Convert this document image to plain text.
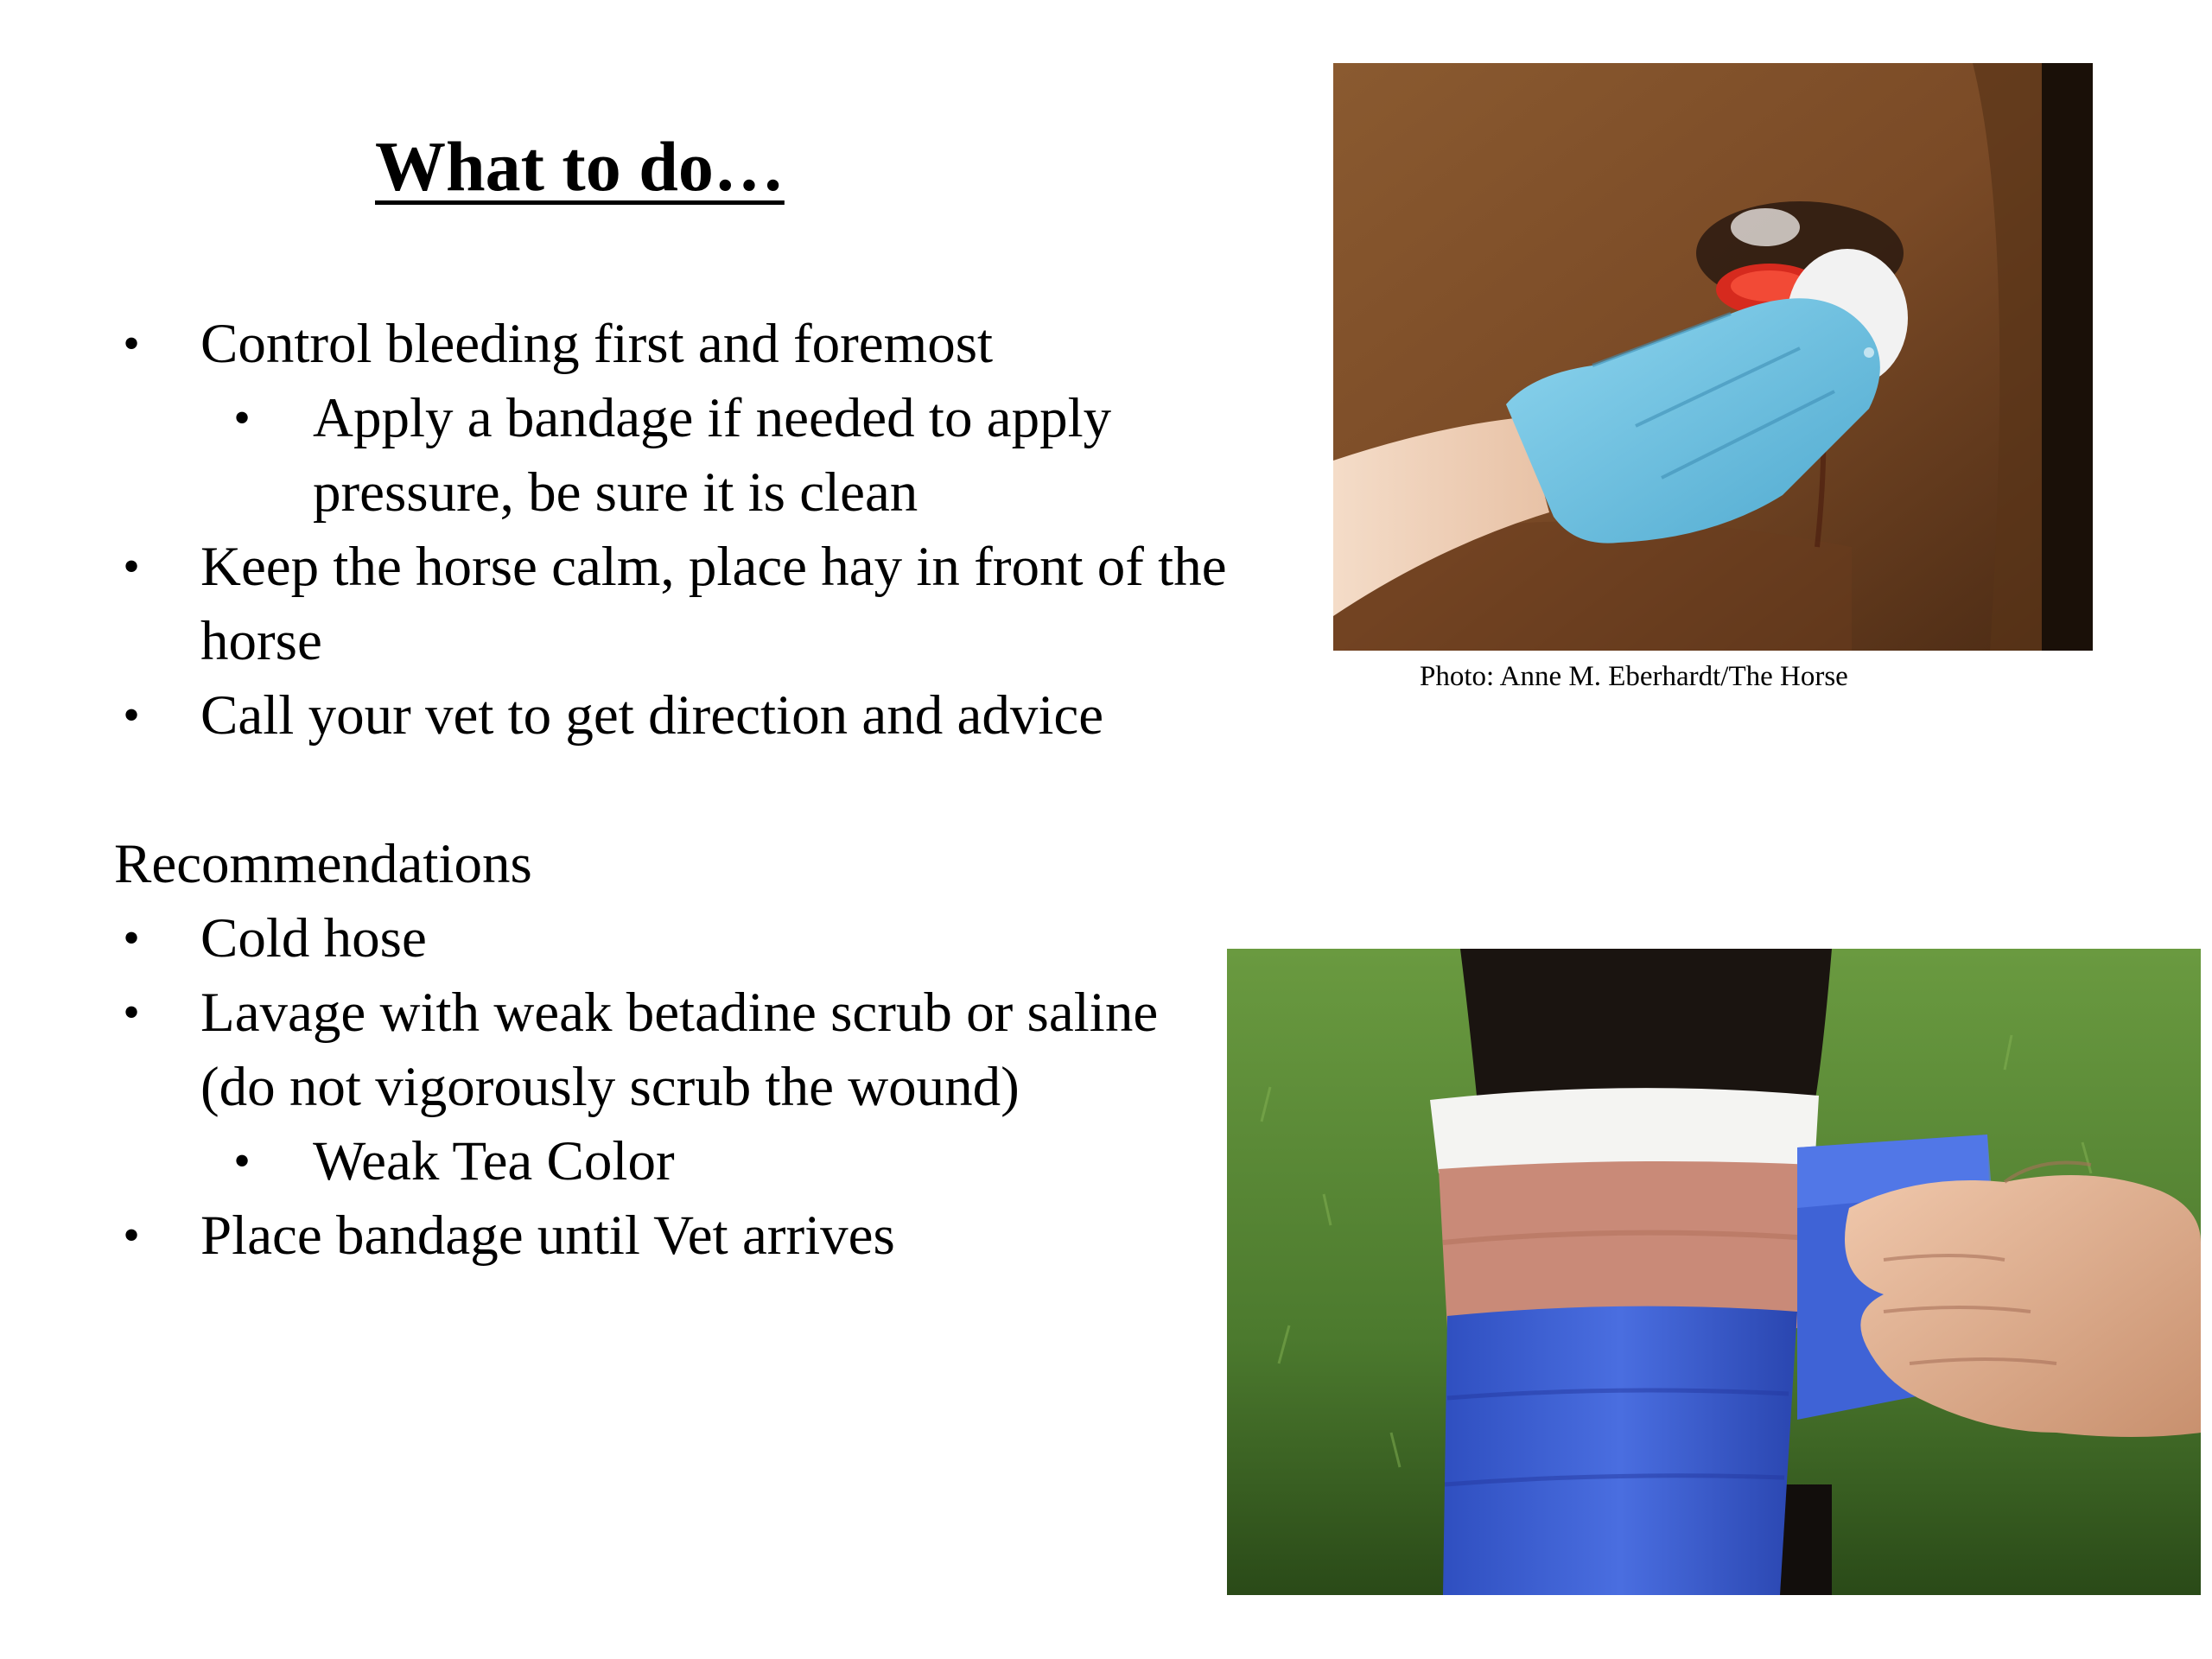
What to do…
• Control bleeding first and foremost
• Apply a bandage if needed to apply pressure, be sure it is clean
• Keep the horse calm, place hay in front of the horse
• Call your vet to get direction and advice
Recommendations
• Cold hose
• Lavage with weak betadine scrub or saline (do not vigorously scrub the wound)
• Weak Tea Color
• Place bandage until Vet arrives
Photo: Anne M. Eberhardt/The Horse
